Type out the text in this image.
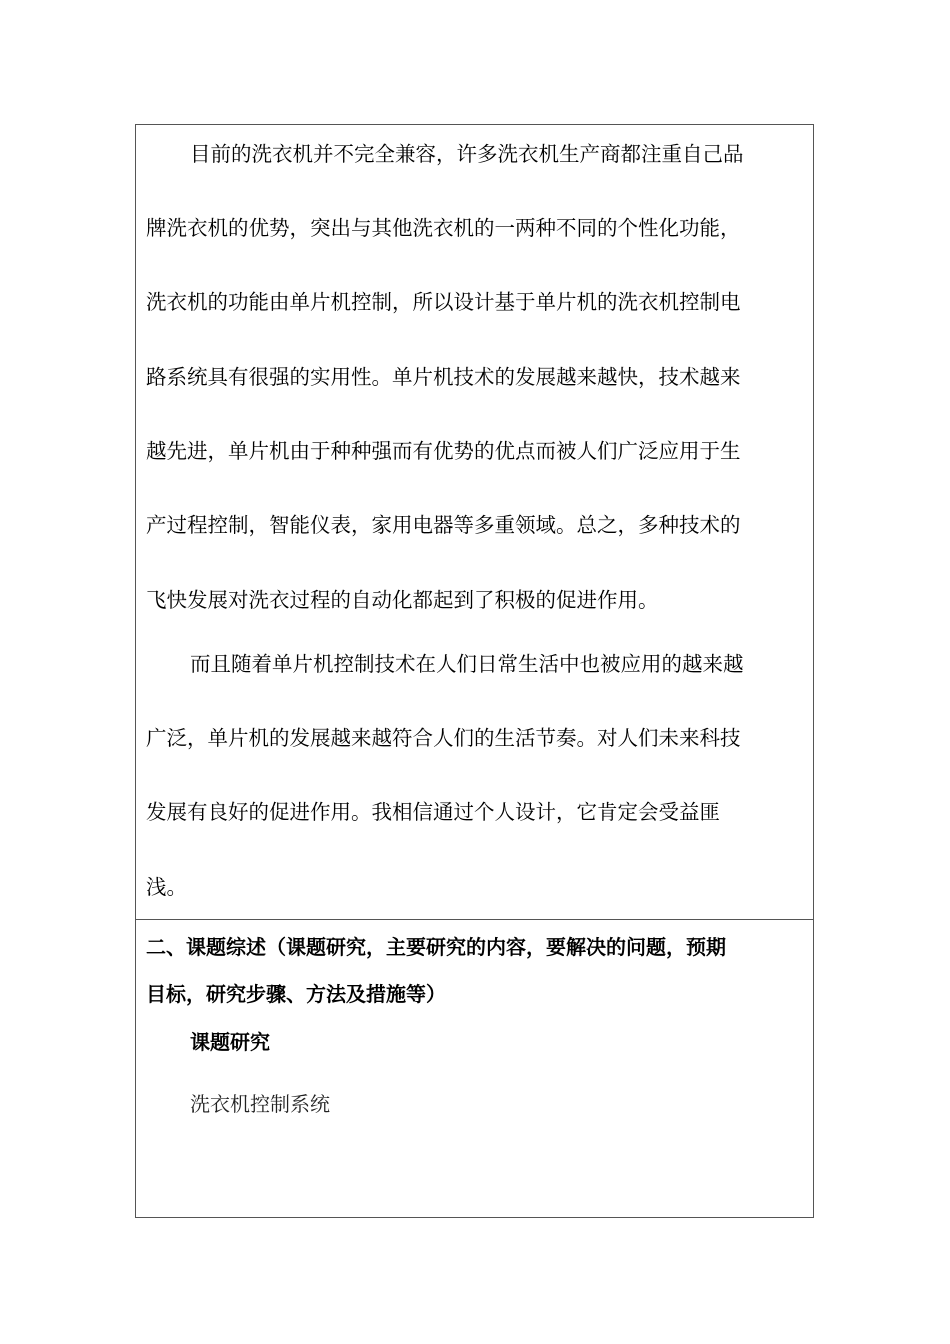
目前的洗衣机并不完全兼容，许多洗衣机生产商都注重自己品
牌洗衣机的优势，突出与其他洗衣机的一两种不同的个性化功能，
洗衣机的功能由单片机控制，所以设计基于单片机的洗衣机控制电
路系统具有很强的实用性。单片机技术的发展越来越快，技术越来
越先进，单片机由于种种强而有优势的优点而被人们广泛应用于生
产过程控制，智能仪表，家用电器等多重领域。总之，多种技术的
飞快发展对洗衣过程的自动化都起到了积极的促进作用。
而且随着单片机控制技术在人们日常生活中也被应用的越来越
广泛，单片机的发展越来越符合人们的生活节奏。对人们未来科技
发展有良好的促进作用。我相信通过个人设计，它肯定会受益匪
浅。
二、课题综述（课题研究，主要研究的内容，要解决的问题，预期
目标，研究步骤、方法及措施等）
课题研究
洗衣机控制系统
